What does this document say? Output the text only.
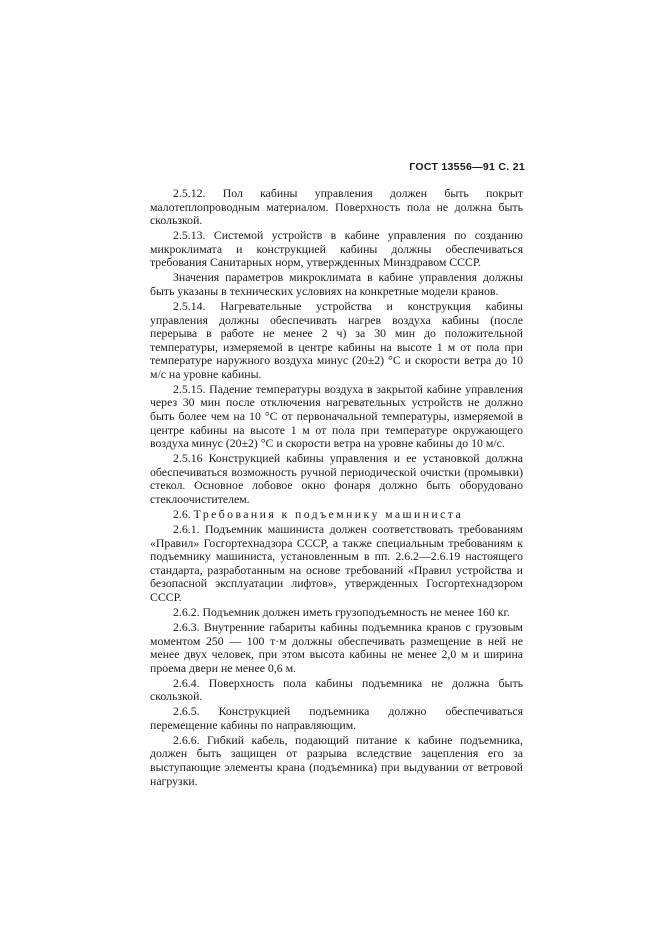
ГОСТ 13556—91 С. 21

2.5.12. Пол кабины управления должен быть покрыт малотеплопроводным материалом. Поверхность пола не должна быть скользкой.

2.5.13. Системой устройств в кабине управления по созданию микроклимата и конструкцией кабины должны обеспечиваться требования Санитарных норм, утвержденных Минздравом СССР.

Значения параметров микроклимата в кабине управления должны быть указаны в технических условиях на конкретные модели кранов.

2.5.14. Нагревательные устройства и конструкция кабины управления должны обеспечивать нагрев воздуха кабины (после перерыва в работе не менее 2 ч) за 30 мин до положительной температуры, измеряемой в центре кабины на высоте 1 м от пола при температуре наружного воздуха минус (20±2) °С и скорости ветра до 10 м/с на уровне кабины.

2.5.15. Падение температуры воздуха в закрытой кабине управления через 30 мин после отключения нагревательных устройств не должно быть более чем на 10 °С от первоначальной температуры, измеряемой в центре кабины на высоте 1 м от пола при температуре окружающего воздуха минус (20±2) °С и скорости ветра на уровне кабины до 10 м/с.

2.5.16 Конструкцией кабины управления и ее установкой должна обеспечиваться возможность ручной периодической очистки (промывки) стекол. Основное лобовое окно фонаря должно быть оборудовано стеклоочистителем.

2.6. Требования к подъемнику машиниста

2.6.1. Подъемник машиниста должен соответствовать требованиям «Правил» Госгортехнадзора СССР, а также специальным требованиям к подъемнику машиниста, установленным в пп. 2.6.2—2.6.19 настоящего стандарта, разработанным на основе требований «Правил устройства и безопасной эксплуатации лифтов», утвержденных Госгортехнадзором СССР.

2.6.2. Подъемник должен иметь грузоподъемность не менее 160 кг.

2.6.3. Внутренние габариты кабины подъемника кранов с грузовым моментом 250 — 100 т·м должны обеспечивать размещение в ней не менее двух человек, при этом высота кабины не менее 2,0 м и ширина проема двери не менее 0,6 м.

2.6.4. Поверхность пола кабины подъемника не должна быть скользкой.

2.6.5. Конструкцией подъемника должно обеспечиваться перемещение кабины по направляющим.

2.6.6. Гибкий кабель, подающий питание к кабине подъемника, должен быть защищен от разрыва вследствие зацепления его за выступающие элементы крана (подъемника) при выдувании от ветровой нагрузки.
